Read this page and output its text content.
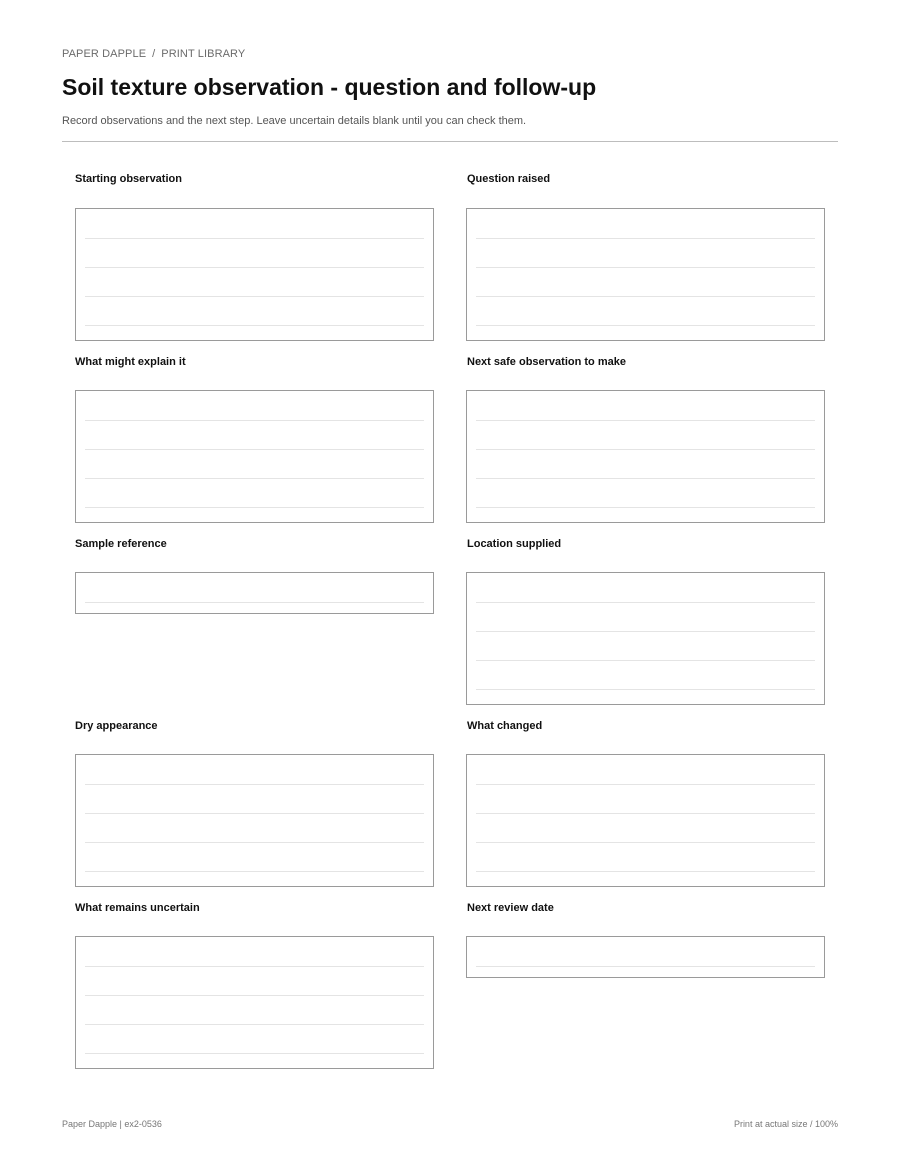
PAPER DAPPLE / PRINT LIBRARY
Soil texture observation - question and follow-up
Record observations and the next step. Leave uncertain details blank until you can check them.
Starting observation	Question raised
What might explain it	Next safe observation to make
Sample reference	Location supplied
Dry appearance	What changed
What remains uncertain	Next review date
Paper Dapple | ex2-0536	Print at actual size / 100%
